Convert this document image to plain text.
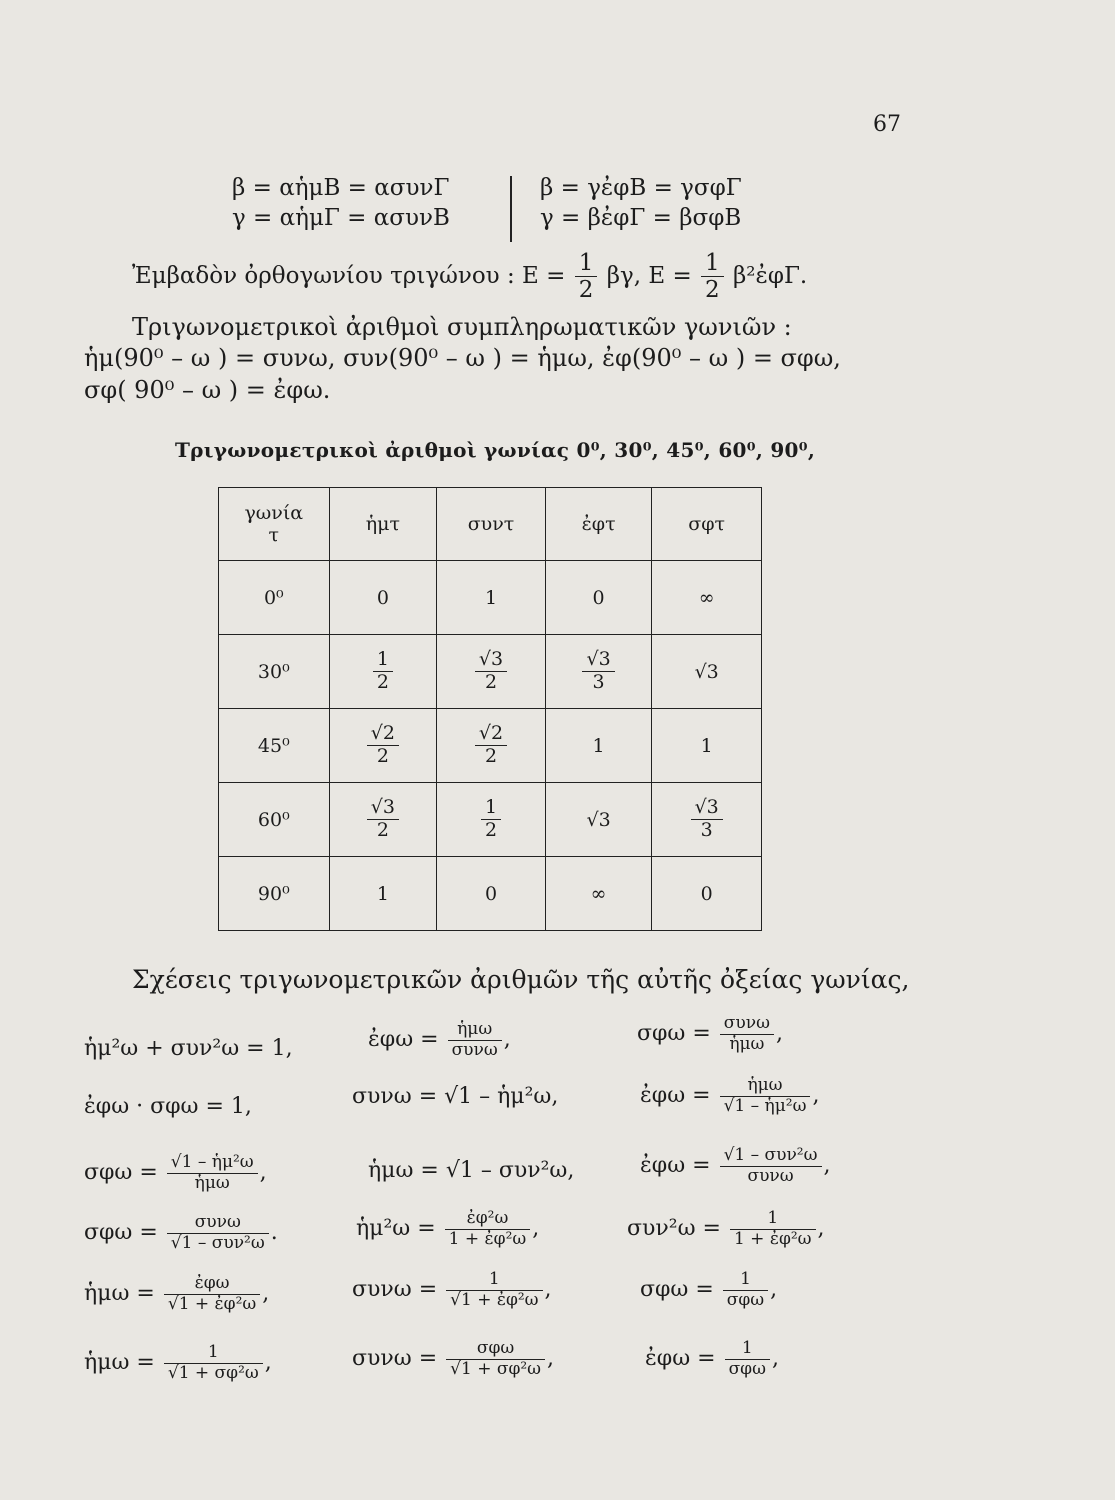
67
β = αἡμΒ = ασυνΓ
γ = αἡμΓ = ασυνΒ
β = γἐφΒ = γσφΓ
γ = βἐφΓ = βσφΒ
Ἐμβαδὸν ὀρθογωνίου τριγώνου : $E = \frac{1}{2} \beta\gamma$, $E = \frac{1}{2}$ β²ἐφΓ.
Τριγωνομετρικοὶ ἀριθμοὶ συμπληρωματικῶν γωνιῶν :
ἡμ(90⁰ – ω ) = συνω, συν(90⁰ – ω ) = ἡμω, ἐφ(90⁰ – ω ) = σφω,
σφ( 90⁰ – ω ) = ἐφω.
Τριγωνομετρικοὶ ἀριθμοὶ γωνίας 0⁰, 30⁰, 45⁰, 60⁰, 90⁰,
γωνία
τ	ἡμτ	συντ	ἐφτ	σφτ
0⁰	0	1	0	∞
30⁰	$\frac{1}{2}$	$\frac{√3}{2}$	$\frac{√3}{3}$	√3
45⁰	$\frac{√2}{2}$	$\frac{√2}{2}$	1	1
60⁰	$\frac{√3}{2}$	$\frac{1}{2}$	√3	$\frac{√3}{3}$

90⁰	1	0	∞	0
Σχέσεις τριγωνομετρικῶν ἀριθμῶν τῆς αὐτῆς ὀξείας γωνίας,
ἡμ²ω + συν²ω = 1,	ἐφω = $\frac{\text{ἡμω}}{\text{συνω}}$ ,	$\sigma\varphi\omega = \frac{\text{συνω}}{\text{ἡμω}}$ ,
ἐφω · σφω = 1,	συνω = √1 – ἡμ²ω,	ἐφω = $\frac{\text{ἡμω}}{\text{√1 – ἡμ²ω}}$ ,
$\sigma\varphi\omega = \frac{\text{√1 – ἡμ²ω}}{\text{ἡμω}}$ ,	ἡμω = √1 – συν²ω,	ἐφω = $\frac{\text{√1 – συν²ω}}{\text{συνω}}$ ,
$\sigma\varphi\omega = \frac{\text{συνω}}{\text{√1 – συν²ω}}$ .	ἡμ²ω = $\frac{\text{ἐφ²ω}}{\text{1 + ἐφ²ω}}$ ,	$\sigma\upsilon\nu^2\omega = \frac{1}{\text{1 + ἐφ²ω}}$ ,
ἡμω = $\frac{\text{ἐφω}}{\text{√1 + ἐφ²ω}}$ ,	$\sigma\upsilon\nu\omega = \frac{1}{\text{√1 + ἐφ²ω}}$ ,	$\sigma\varphi\omega = \frac{1}{\text{σφω}}$ ,
ἡμω = $\frac{1}{\text{√1 + σφ²ω}}$ ,	$\sigma\upsilon\nu\omega = \frac{\text{σφω}}{\text{√1 + σφ²ω}}$ ,	ἐφω = $\frac{1}{\text{σφω}}$ ,
